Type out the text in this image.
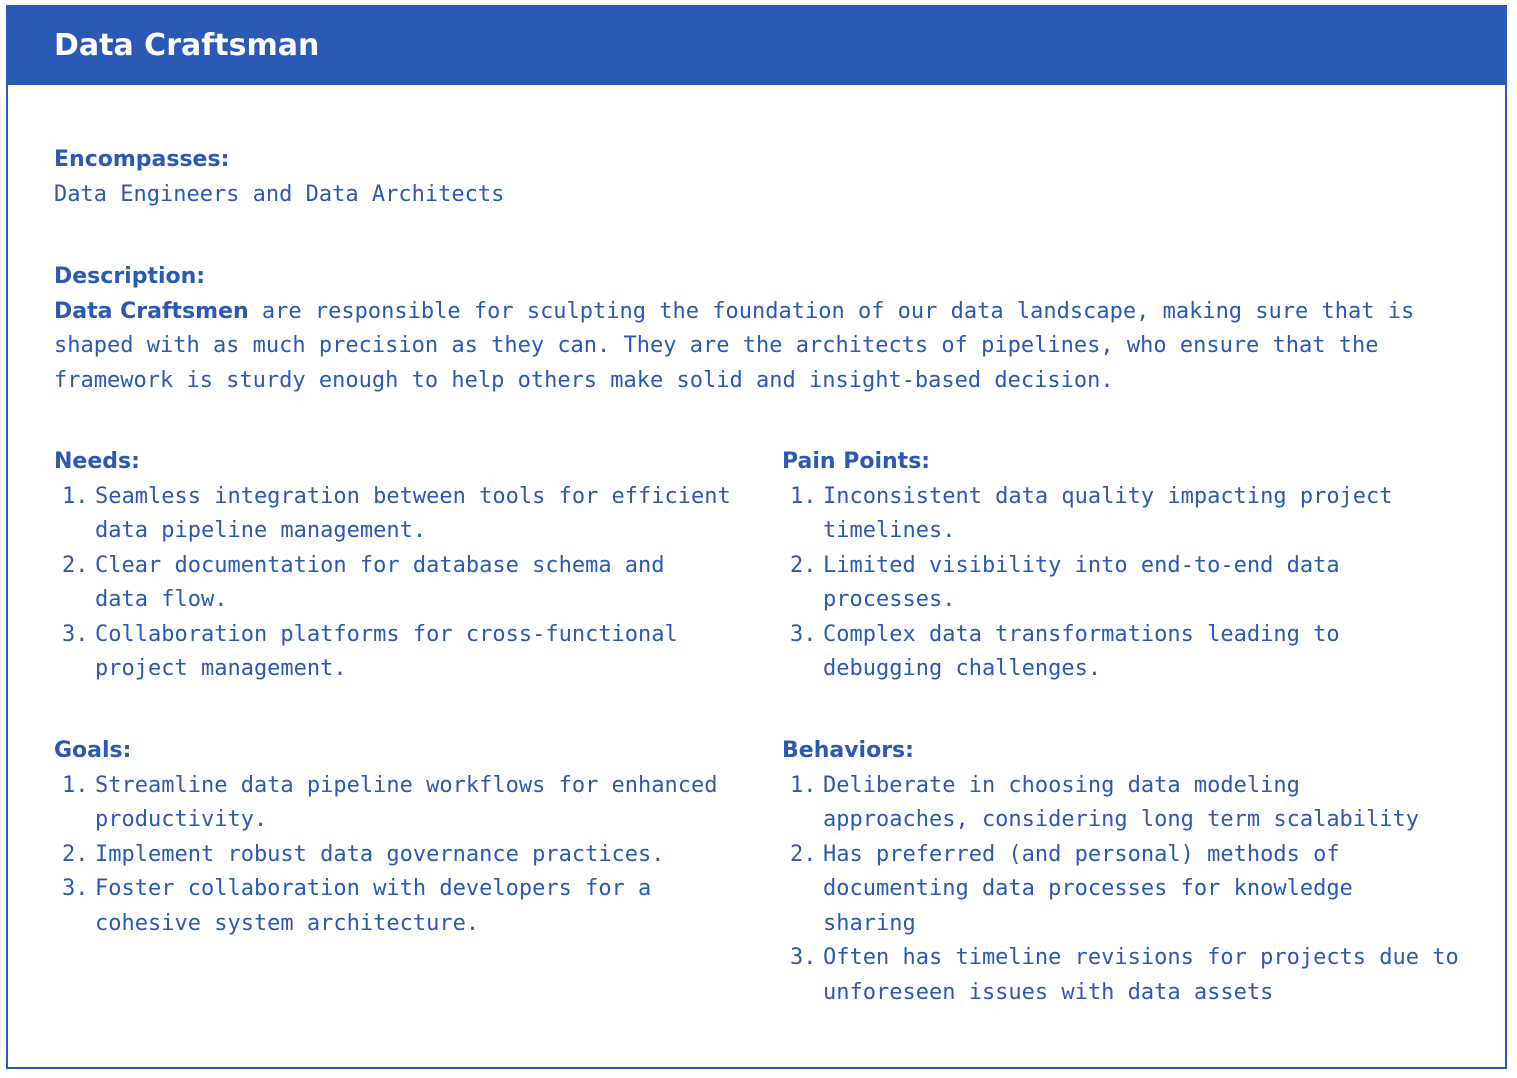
Data Craftsman
Encompasses:
Data Engineers and Data Architects
Description:
Data Craftsmen are responsible for sculpting the foundation of our data landscape, making sure that is
shaped with as much precision as they can. They are the architects of pipelines, who ensure that the
framework is sturdy enough to help others make solid and insight-based decision.
Needs:
1. Seamless integration between tools for efficient
data pipeline management.
2. Clear documentation for database schema and
data flow.
3. Collaboration platforms for cross-functional
project management.
Pain Points:
1. Inconsistent data quality impacting project
timelines.
2. Limited visibility into end-to-end data
processes.
3. Complex data transformations leading to
debugging challenges.
Goals:
1. Streamline data pipeline workflows for enhanced
productivity.
2. Implement robust data governance practices.
3. Foster collaboration with developers for a
cohesive system architecture.
Behaviors:
1. Deliberate in choosing data modeling
approaches, considering long term scalability
2. Has preferred (and personal) methods of
documenting data processes for knowledge
sharing
3. Often has timeline revisions for projects due to
unforeseen issues with data assets
